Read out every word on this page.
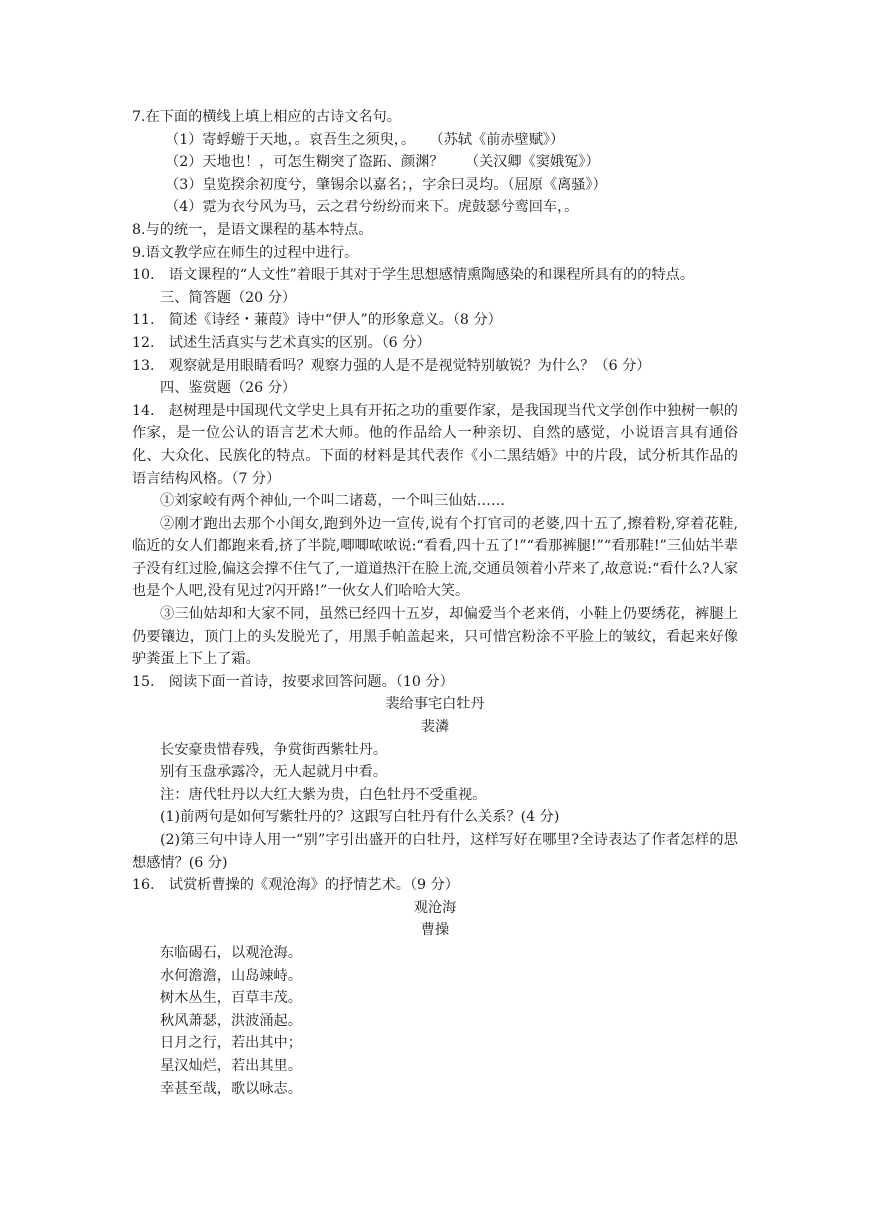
7.在下面的横线上填上相应的古诗文名句。
（1）寄蜉蝣于天地，。哀吾生之须臾，。　　（苏轼《前赤壁赋》）
（2）天地也！，可怎生糊突了盗跖、颜渊？　　（关汉卿《窦娥冤》）
（3）皇览揆余初度兮，肇锡余以嘉名；，字余曰灵均。（屈原《离骚》）
（4）霓为衣兮风为马，云之君兮纷纷而来下。虎鼓瑟兮鸾回车，。
8.与的统一，是语文课程的基本特点。
9.语文教学应在师生的过程中进行。
10.　语文课程的“人文性”着眼于其对于学生思想感情熏陶感染的和课程所具有的的特点。
三、简答题（20 分）
11.　简述《诗经・蒹葭》诗中“伊人”的形象意义。（8 分）
12.　试述生活真实与艺术真实的区别。（6 分）
13.　观察就是用眼睛看吗？观察力强的人是不是视觉特别敏锐？为什么？（6 分）
四、鉴赏题（26 分）
14.　赵树理是中国现代文学史上具有开拓之功的重要作家，是我国现当代文学创作中独树一帜的作家，是一位公认的语言艺术大师。他的作品给人一种亲切、自然的感觉，小说语言具有通俗化、大众化、民族化的特点。下面的材料是其代表作《小二黑结婚》中的片段，试分析其作品的语言结构风格。（7 分）
①刘家峧有两个神仙,一个叫二诸葛，一个叫三仙姑……
②刚才跑出去那个小闺女,跑到外边一宣传,说有个打官司的老婆,四十五了,擦着粉,穿着花鞋,临近的女人们都跑来看,挤了半院,唧唧哝哝说:“看看,四十五了!”“看那裤腿!”“看那鞋!”三仙姑半辈子没有红过脸,偏这会撑不住气了,一道道热汗在脸上流,交通员领着小芹来了,故意说:“看什么?人家也是个人吧,没有见过?闪开路!”一伙女人们哈哈大笑。
③三仙姑却和大家不同，虽然已经四十五岁，却偏爱当个老来俏，小鞋上仍要绣花，裤腿上仍要镶边，顶门上的头发脱光了，用黑手帕盖起来，只可惜宫粉涂不平脸上的皱纹，看起来好像驴粪蛋上下上了霜。
15.　阅读下面一首诗，按要求回答问题。（10 分）
裴给事宅白牡丹
裴潾
长安豪贵惜春残，争赏街西紫牡丹。
别有玉盘承露冷，无人起就月中看。
注：唐代牡丹以大红大紫为贵，白色牡丹不受重视。
(1)前两句是如何写紫牡丹的？这跟写白牡丹有什么关系？(4 分)
(2)第三句中诗人用一“别”字引出盛开的白牡丹，这样写好在哪里?全诗表达了作者怎样的思想感情？(6 分)
16.　试赏析曹操的《观沧海》的抒情艺术。（9 分）
观沧海
曹操
东临碣石，以观沧海。
水何澹澹，山岛竦峙。
树木丛生，百草丰茂。
秋风萧瑟，洪波涌起。
日月之行，若出其中；
星汉灿烂，若出其里。
幸甚至哉，歌以咏志。
